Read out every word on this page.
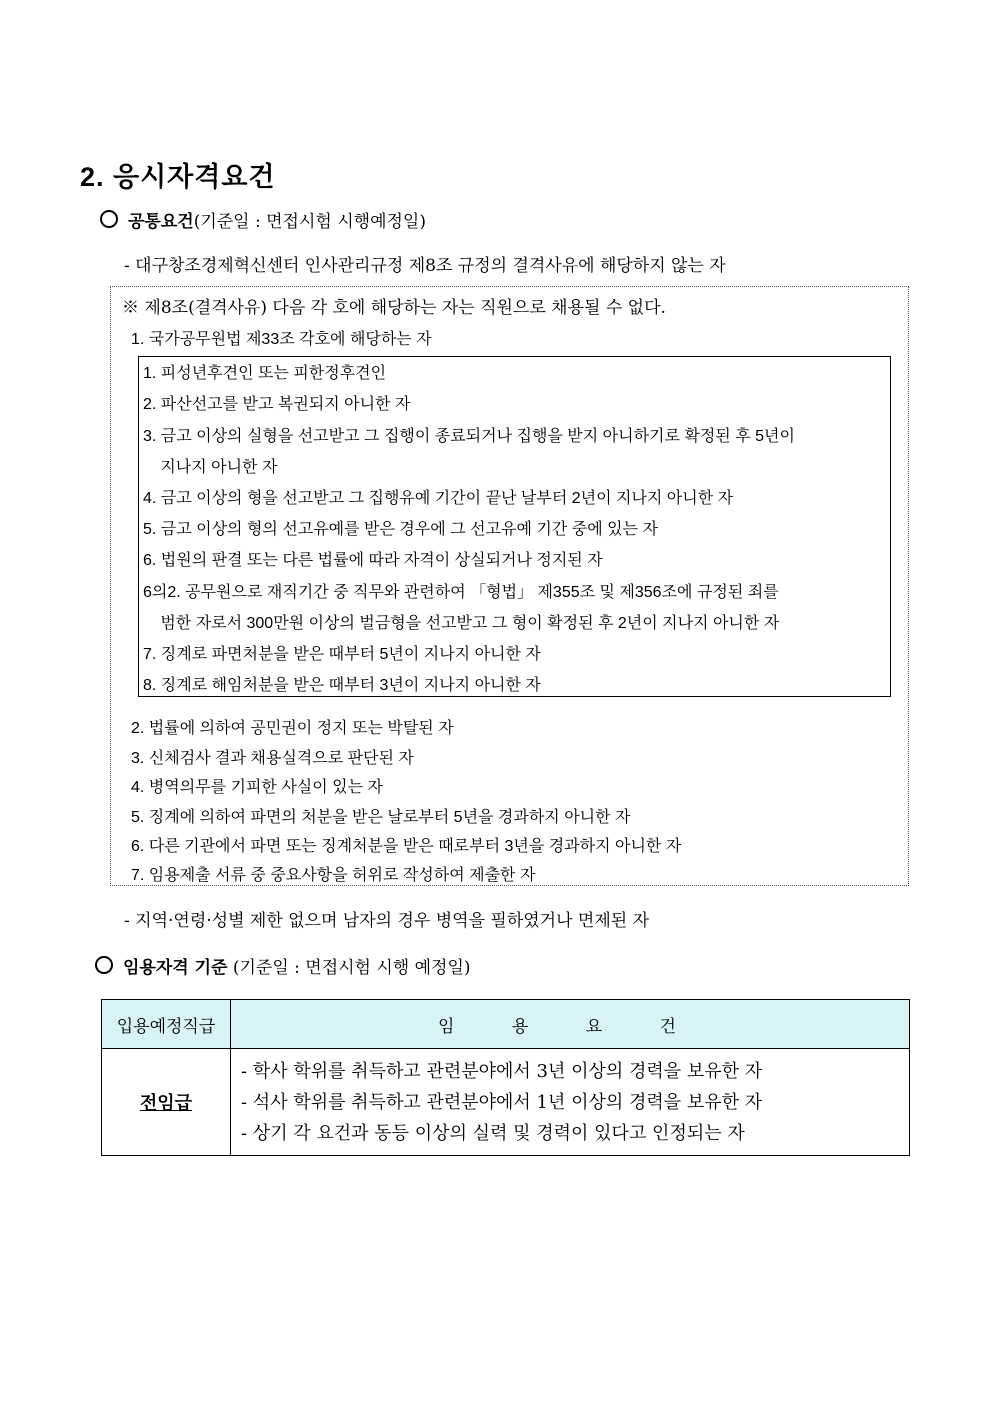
2. 응시자격요건
공통요건(기준일 : 면접시험 시행예정일)
- 대구창조경제혁신센터 인사관리규정 제8조 규정의 결격사유에 해당하지 않는 자
※ 제8조(결격사유) 다음 각 호에 해당하는 자는 직원으로 채용될 수 없다.
1. 국가공무원법 제33조 각호에 해당하는 자
1. 피성년후견인 또는 피한정후견인
2. 파산선고를 받고 복권되지 아니한 자
3. 금고 이상의 실형을 선고받고 그 집행이 종료되거나 집행을 받지 아니하기로 확정된 후 5년이
지나지 아니한 자
4. 금고 이상의 형을 선고받고 그 집행유예 기간이 끝난 날부터 2년이 지나지 아니한 자
5. 금고 이상의 형의 선고유예를 받은 경우에 그 선고유예 기간 중에 있는 자
6. 법원의 판결 또는 다른 법률에 따라 자격이 상실되거나 정지된 자
6의2. 공무원으로 재직기간 중 직무와 관련하여 「형법」 제355조 및 제356조에 규정된 죄를
범한 자로서 300만원 이상의 벌금형을 선고받고 그 형이 확정된 후 2년이 지나지 아니한 자
7. 징계로 파면처분을 받은 때부터 5년이 지나지 아니한 자
8. 징계로 해임처분을 받은 때부터 3년이 지나지 아니한 자
2. 법률에 의하여 공민권이 정지 또는 박탈된 자
3. 신체검사 결과 채용실격으로 판단된 자
4. 병역의무를 기피한 사실이 있는 자
5. 징계에 의하여 파면의 처분을 받은 날로부터 5년을 경과하지 아니한 자
6. 다른 기관에서 파면 또는 징계처분을 받은 때로부터 3년을 경과하지 아니한 자
7. 임용제출 서류 중 중요사항을 허위로 작성하여 제출한 자
- 지역·연령·성별 제한 없으며 남자의 경우 병역을 필하였거나 면제된 자
임용자격 기준 (기준일 : 면접시험 시행 예정일)
입용예정직급	임 용 요 건
전임급	- 학사 학위를 취득하고 관련분야에서 3년 이상의 경력을 보유한 자
- 석사 학위를 취득하고 관련분야에서 1년 이상의 경력을 보유한 자
- 상기 각 요건과 동등 이상의 실력 및 경력이 있다고 인정되는 자
